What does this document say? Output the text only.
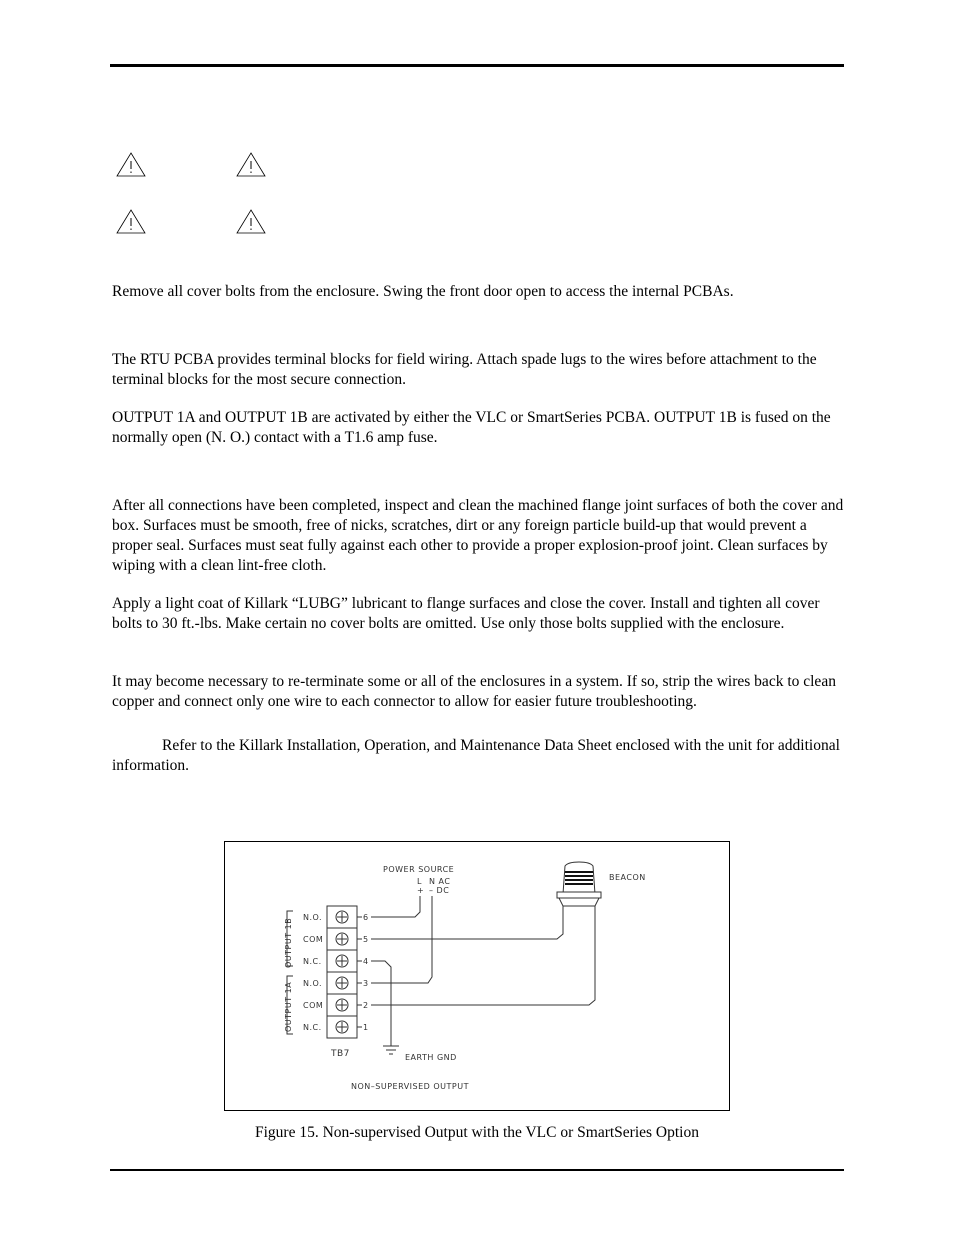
Remove all cover bolts from the enclosure. Swing the front door open to access the internal PCBAs.

The RTU PCBA provides terminal blocks for field wiring. Attach spade lugs to the wires before attachment to the terminal blocks for the most secure connection.

OUTPUT 1A and OUTPUT 1B are activated by either the VLC or SmartSeries PCBA. OUTPUT 1B is fused on the normally open (N. O.) contact with a T1.6 amp fuse.

After all connections have been completed, inspect and clean the machined flange joint surfaces of both the cover and box. Surfaces must be smooth, free of nicks, scratches, dirt or any foreign particle build-up that would prevent a proper seal. Surfaces must seat fully against each other to provide a proper explosion-proof joint. Clean surfaces by wiping with a clean lint-free cloth.

Apply a light coat of Killark “LUBG” lubricant to flange surfaces and close the cover. Install and tighten all cover bolts to 30 ft.-lbs. Make certain no cover bolts are omitted. Use only those bolts supplied with the enclosure.

It may become necessary to re-terminate some or all of the enclosures in a system. If so, strip the wires back to clean copper and connect only one wire to each connector to allow for easier future troubleshooting.

Refer to the Killark Installation, Operation, and Maintenance Data Sheet enclosed with the unit for additional information.

N.O.
COM
N.C.
N.O.
COM
N.C.
6
5
4
3
2
1
OUTPUT 1B
OUTPUT 1A
TB7
POWER SOURCE
L N AC
+ – DC
BEACON
EARTH GND
NON–SUPERVISED OUTPUT
Figure 15. Non-supervised Output with the VLC or SmartSeries Option
